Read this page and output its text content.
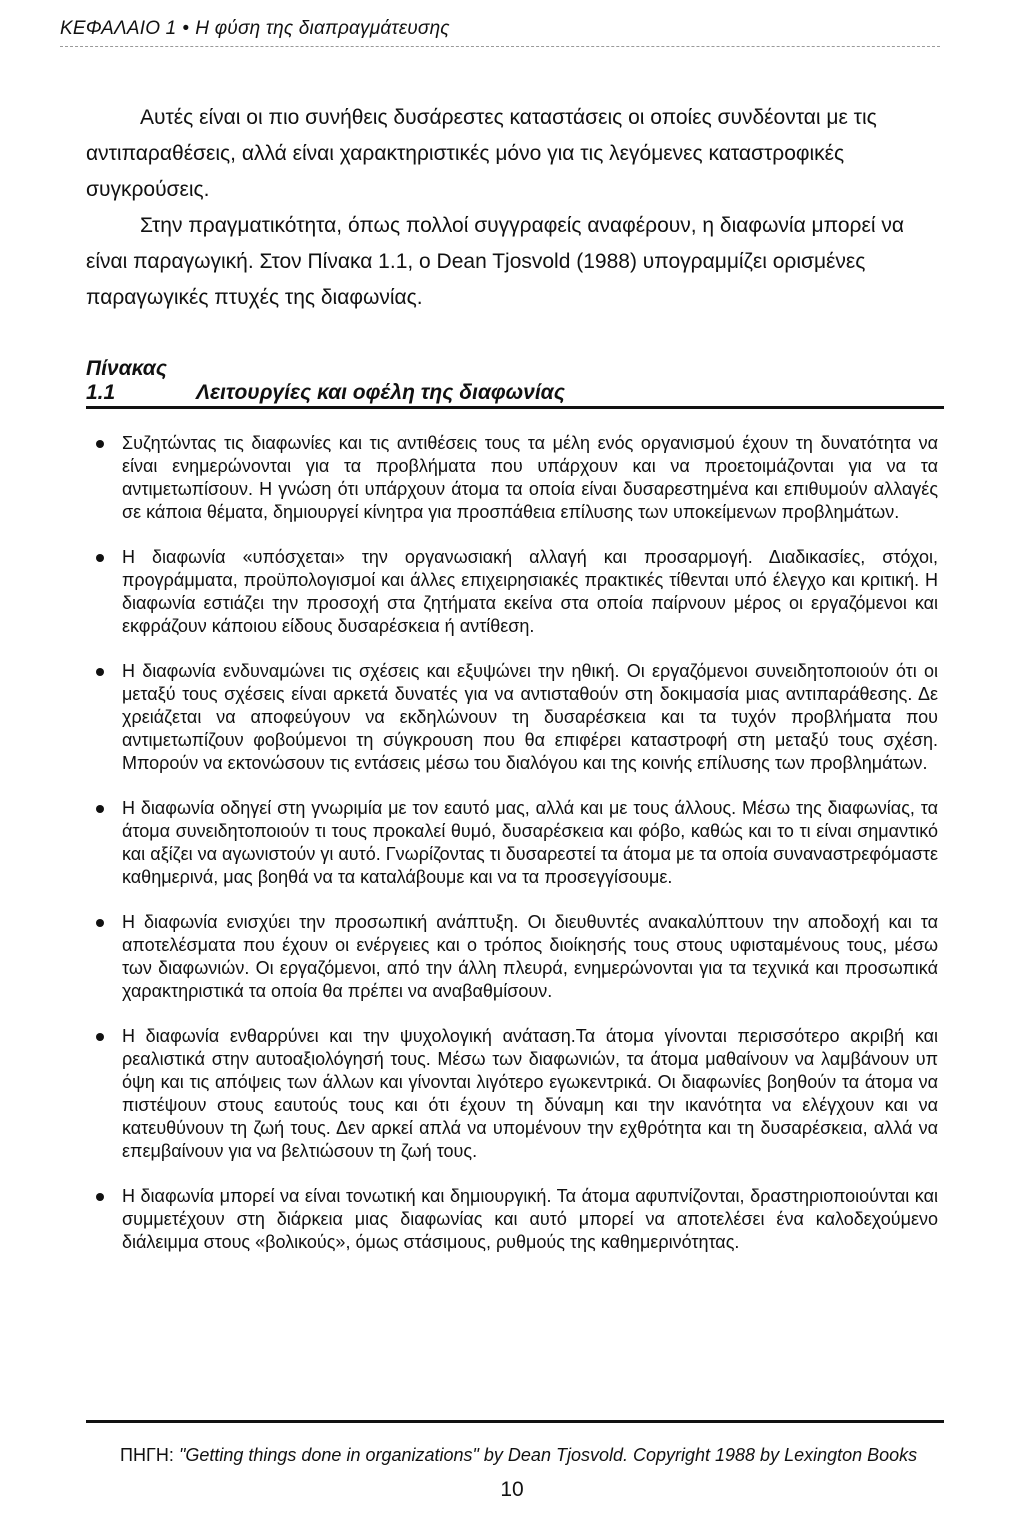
ΚΕΦΑΛΑΙΟ 1 • Η φύση της διαπραγμάτευσης

Αυτές είναι οι πιο συνήθεις δυσάρεστες καταστάσεις οι οποίες συνδέονται με τις αντιπαραθέσεις, αλλά είναι χαρακτηριστικές μόνο για τις λεγόμενες καταστροφικές συγκρούσεις.

Στην πραγματικότητα, όπως πολλοί συγγραφείς αναφέρουν, η διαφωνία μπορεί να είναι παραγωγική. Στον Πίνακα 1.1, ο Dean Tjosvold (1988) υπογραμμίζει ορισμένες παραγωγικές πτυχές της διαφωνίας.

Πίνακας 1.1	Λειτουργίες και οφέλη της διαφωνίας
Συζητώντας τις διαφωνίες και τις αντιθέσεις τους τα μέλη ενός οργανισμού έχουν τη δυνατότητα να είναι ενημερώνονται για τα προβλήματα που υπάρχουν και να προετοιμάζονται για να τα αντιμετωπίσουν. Η γνώση ότι υπάρχουν άτομα τα οποία είναι δυσαρεστημένα και επιθυμούν αλλαγές σε κάποια θέματα, δημιουργεί κίνητρα για προσπάθεια επίλυσης των υποκείμενων προβλημάτων.
Η διαφωνία «υπόσχεται» την οργανωσιακή αλλαγή και προσαρμογή. Διαδικασίες, στόχοι, προγράμματα, προϋπολογισμοί και άλλες επιχειρησιακές πρακτικές τίθενται υπό έλεγχο και κριτική. Η διαφωνία εστιάζει την προσοχή στα ζητήματα εκείνα στα οποία παίρνουν μέρος οι εργαζόμενοι και εκφράζουν κάποιου είδους δυσαρέσκεια ή αντίθεση.
Η διαφωνία ενδυναμώνει τις σχέσεις και εξυψώνει την ηθική. Οι εργαζόμενοι συνειδητοποιούν ότι οι μεταξύ τους σχέσεις είναι αρκετά δυνατές για να αντισταθούν στη δοκιμασία μιας αντιπαράθεσης. Δε χρειάζεται να αποφεύγουν να εκδηλώνουν τη δυσαρέσκεια και τα τυχόν προβλήματα που αντιμετωπίζουν φοβούμενοι τη σύγκρουση που θα επιφέρει καταστροφή στη μεταξύ τους σχέση. Μπορούν να εκτονώσουν τις εντάσεις μέσω του διαλόγου και της κοινής επίλυσης των προβλημάτων.
Η διαφωνία οδηγεί στη γνωριμία με τον εαυτό μας, αλλά και με τους άλλους. Μέσω της διαφωνίας, τα άτομα συνειδητοποιούν τι τους προκαλεί θυμό, δυσαρέσκεια και φόβο, καθώς και το τι είναι σημαντικό και αξίζει να αγωνιστούν γι αυτό. Γνωρίζοντας τι δυσαρεστεί τα άτομα με τα οποία συναναστρεφόμαστε καθημερινά, μας βοηθά να τα καταλάβουμε και να τα προσεγγίσουμε.
Η διαφωνία ενισχύει την προσωπική ανάπτυξη. Οι διευθυντές ανακαλύπτουν την αποδοχή και τα αποτελέσματα που έχουν οι ενέργειες και ο τρόπος διοίκησής τους στους υφισταμένους τους, μέσω των διαφωνιών. Οι εργαζόμενοι, από την άλλη πλευρά, ενημερώνονται για τα τεχνικά και προσωπικά χαρακτηριστικά τα οποία θα πρέπει να αναβαθμίσουν.
Η διαφωνία ενθαρρύνει και την ψυχολογική ανάταση.Τα άτομα γίνονται περισσότερο ακριβή και ρεαλιστικά στην αυτοαξιολόγησή τους. Μέσω των διαφωνιών, τα άτομα μαθαίνουν να λαμβάνουν υπ όψη και τις απόψεις των άλλων και γίνονται λιγότερο εγωκεντρικά. Οι διαφωνίες βοηθούν τα άτομα να πιστέψουν στους εαυτούς τους και ότι έχουν τη δύναμη και την ικανότητα να ελέγχουν και να κατευθύνουν τη ζωή τους. Δεν αρκεί απλά να υπομένουν την εχθρότητα και τη δυσαρέσκεια, αλλά να επεμβαίνουν για να βελτιώσουν τη ζωή τους.
Η διαφωνία μπορεί να είναι τονωτική και δημιουργική. Τα άτομα αφυπνίζονται, δραστηριοποιούνται και συμμετέχουν στη διάρκεια μιας διαφωνίας και αυτό μπορεί να αποτελέσει ένα καλοδεχούμενο διάλειμμα στους «βολικούς», όμως στάσιμους, ρυθμούς της καθημερινότητας.
ΠΗΓΗ: "Getting things done in organizations" by Dean Tjosvold. Copyright 1988 by Lexington Books
10
